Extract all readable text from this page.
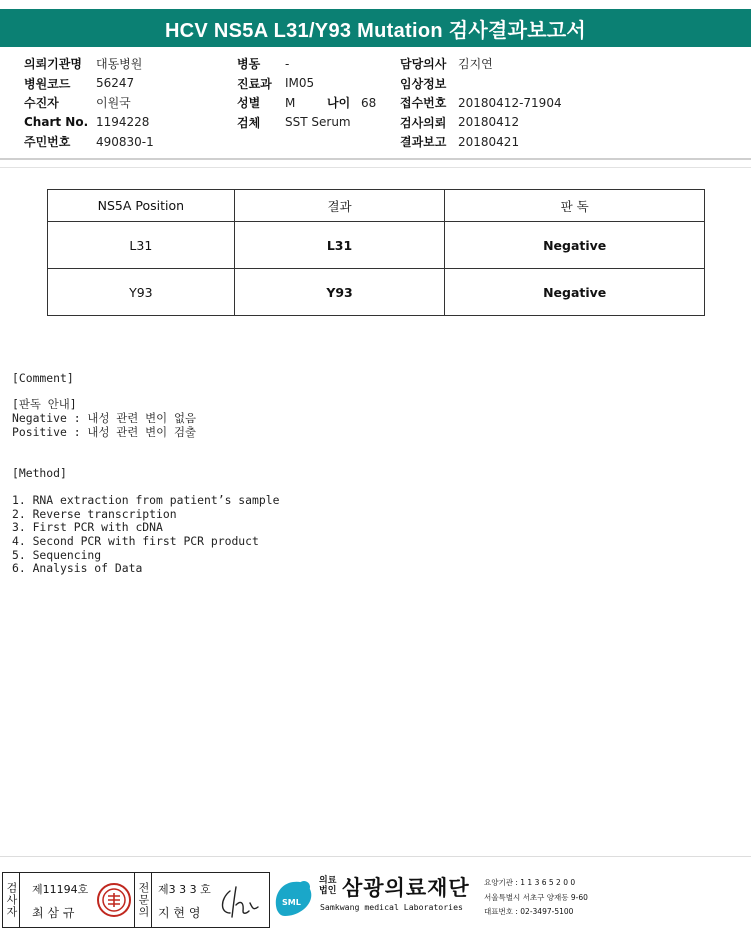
HCV NS5A L31/Y93 Mutation 검사결과보고서
의뢰기관명	대동병원
병원코드	56247
수진자	이원국
Chart No. 1194228
주민번호	490830-1
병동	-
진료과	IM05
성별	M	나이 68
검체	SST Serum
담당의사 김지연
임상정보
접수번호 20180412-71904
검사의뢰 20180412
결과보고 20180421
NS5A Position	결과	판 독
L31	L31	Negative
Y93	Y93	Negative
[Comment]
[판독 안내]
Negative : 내성 관련 변이 없음
Positive : 내성 관련 변이 검출
[Method]
1. RNA extraction from patient’s sample
2. Reverse transcription
3. First PCR with cDNA
4. Second PCR with first PCR product
5. Sequencing
6. Analysis of Data
검사자 제11194호
최 삼 규	전문의 제3 3 3 호
지 현 영
SML
의료
법인 삼광의료재단
Samkwang medical Laboratories
요양기관 : 1 1 3 6 5 2 0 0
서울특별시 서초구 양재동 9-60
대표번호 : 02-3497-5100
